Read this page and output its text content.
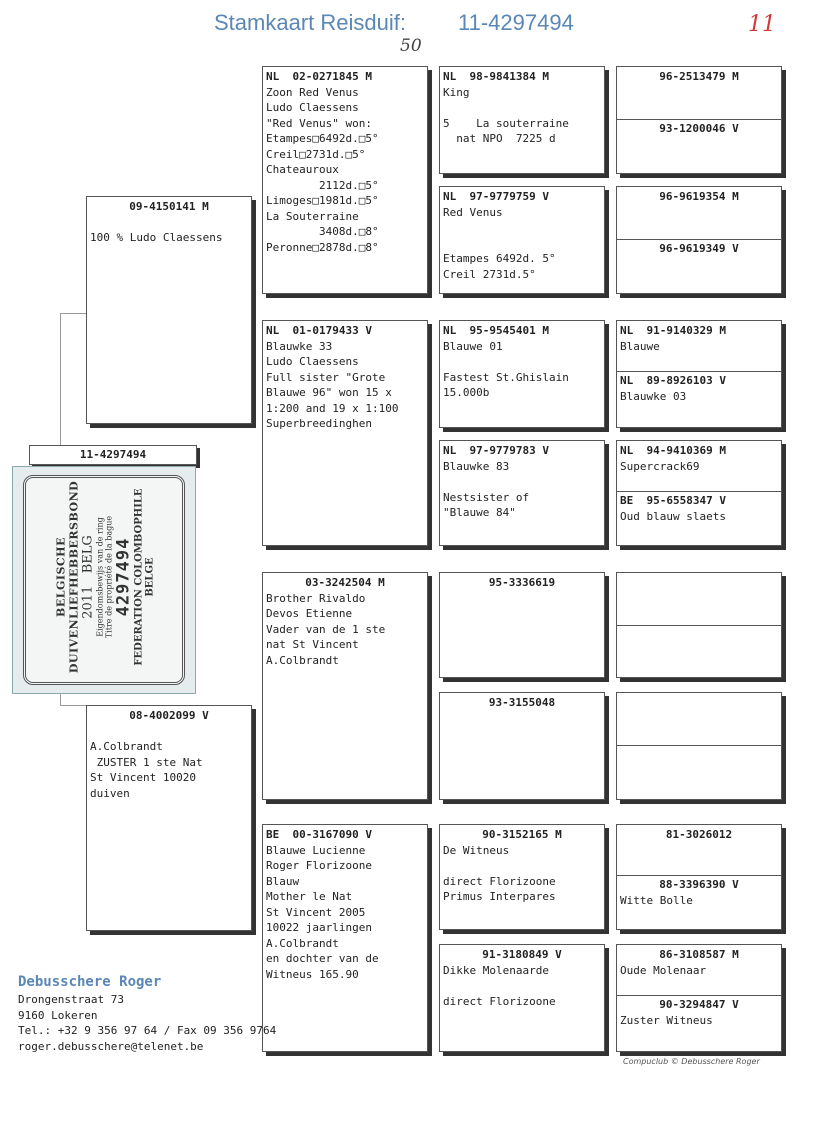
Stamkaart Reisduif: 11-4297494
50
11
09-4150141 M
100 % Ludo Claessens
11-4297494
BELGISCHE DUIVENLIEFHEBBERSBOND 2011   BELG Eigendomsbewijs van de ring Titre de propriété de la bague 4297494 FEDERATION COLOMBOPHILE BELGE
08-4002099 V
A.Colbrandt
ZUSTER 1 ste Nat
St Vincent 10020
duiven
NL  02-0271845 M
Zoon Red Venus
Ludo Claessens
"Red Venus" won:
Etampes□6492d.□5°
Creil□2731d.□5°
Chateauroux
2112d.□5°
Limoges□1981d.□5°
La Souterraine
3408d.□8°
Peronne□2878d.□8°
NL  01-0179433 V
Blauwke 33
Ludo Claessens
Full sister "Grote
Blauwe 96" won 15 x
1:200 and 19 x 1:100
Superbreedinghen
03-3242504 M
Brother Rivaldo
Devos Etienne
Vader van de 1 ste
nat St Vincent
A.Colbrandt
BE  00-3167090 V
Blauwe Lucienne
Roger Florizoone
Blauw
Mother le Nat
St Vincent 2005
10022 jaarlingen
A.Colbrandt
en dochter van de
Witneus 165.90
NL  98-9841384 M
King
5    La souterraine
nat NPO  7225 d
NL  97-9779759 V
Red Venus
Etampes 6492d. 5°
Creil 2731d.5°
NL  95-9545401 M
Blauwe 01
Fastest St.Ghislain
15.000b
NL  97-9779783 V
Blauwke 83
Nestsister of
"Blauwe 84"
95-3336619
93-3155048
90-3152165 M
De Witneus
direct Florizoone
Primus Interpares
91-3180849 V
Dikke Molenaarde
direct Florizoone
96-2513479 M
93-1200046 V
96-9619354 M
96-9619349 V
NL  91-9140329 M
Blauwe
NL  89-8926103 V
Blauwke 03
NL  94-9410369 M
Supercrack69
BE  95-6558347 V
Oud blauw slaets
81-3026012
88-3396390 V
Witte Bolle
86-3108587 M
Oude Molenaar
90-3294847 V
Zuster Witneus
Debusschere Roger
Drongenstraat 73
9160 Lokeren
Tel.: +32 9 356 97 64 / Fax 09 356 9764
roger.debusschere@telenet.be
Compuclub © Debusschere Roger
